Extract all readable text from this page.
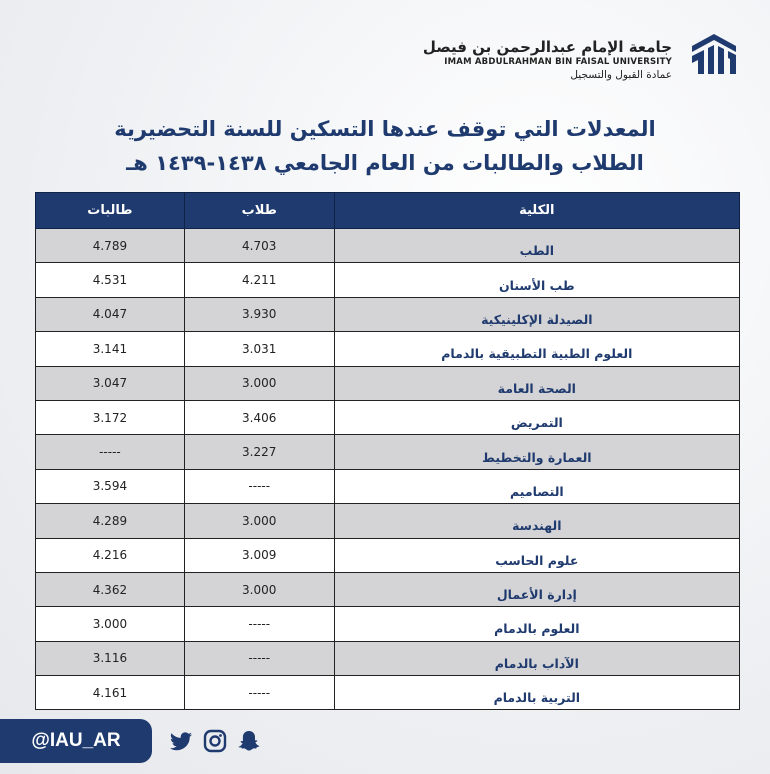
جامعة الإمام عبدالرحمن بن فيصل
IMAM ABDULRAHMAN BIN FAISAL UNIVERSITY
عمادة القبول والتسجيل
المعدلات التي توقف عندها التسكين للسنة التحضيرية
الطلاب والطالبات من العام الجامعي ١٤٣٨-١٤٣٩ هـ
الكلية	طلاب	طالبات
الطب	4.703	4.789
طب الأسنان	4.211	4.531
الصيدلة الإكلينيكية	3.930	4.047
العلوم الطبية التطبيقية بالدمام	3.031	3.141
الصحة العامة	3.000	3.047
التمريض	3.406	3.172
العمارة والتخطيط	3.227	-----
التصاميم	-----	3.594
الهندسة	3.000	4.289
علوم الحاسب	3.009	4.216
إدارة الأعمال	3.000	4.362
العلوم بالدمام	-----	3.000
الآداب بالدمام	-----	3.116
التربية بالدمام	-----	4.161
@IAU_AR
